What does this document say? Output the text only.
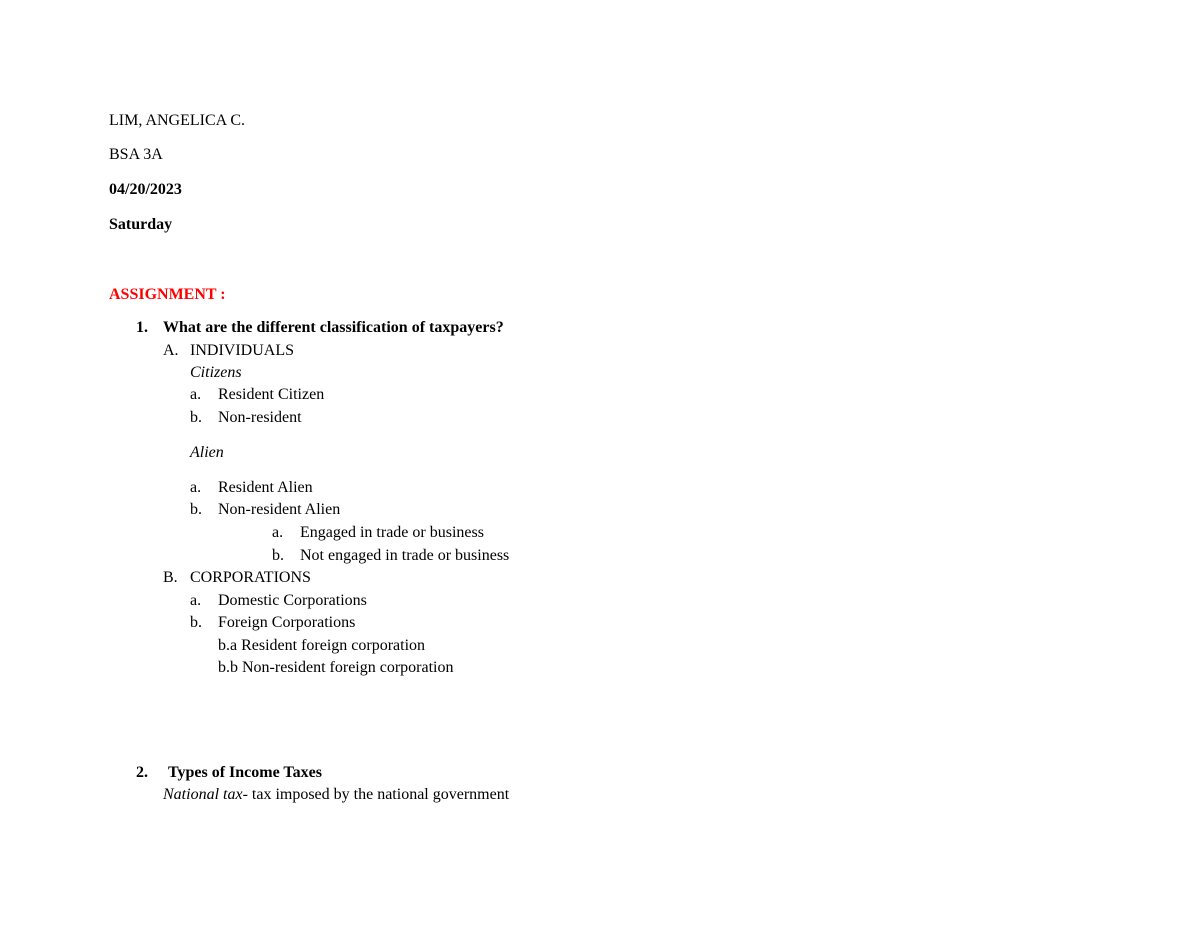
LIM, ANGELICA C.
BSA 3A
04/20/2023
Saturday
ASSIGNMENT :
1. What are the different classification of taxpayers?
A. INDIVIDUALS
Citizens
a. Resident Citizen
b. Non-resident
Alien
a. Resident Alien
b. Non-resident Alien
a. Engaged in trade or business
b. Not engaged in trade or business
B. CORPORATIONS
a. Domestic Corporations
b. Foreign Corporations
b.a Resident foreign corporation
b.b Non-resident foreign corporation
2. Types of Income Taxes
National tax- tax imposed by the national government
